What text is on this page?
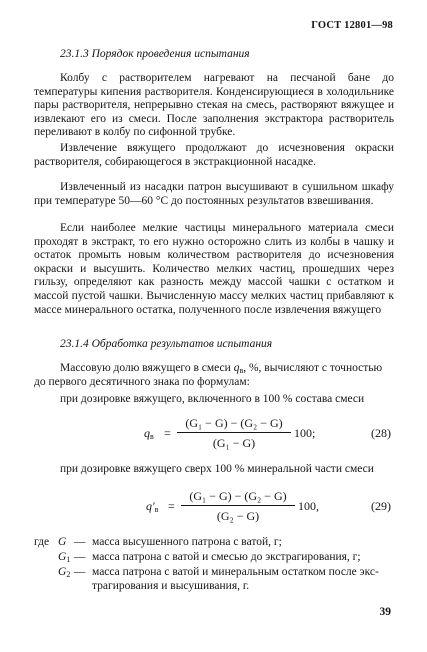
ГОСТ 12801—98
23.1.3 Порядок проведения испытания

Колбу с растворителем нагревают на песчаной бане до температуры кипения растворителя. Конденсирующиеся в холодильнике пары растворителя, непрерывно стекая на смесь, растворяют вяжущее и извлекают его из смеси. После заполнения экстрактора растворитель переливают в колбу по сифонной трубке.

Извлечение вяжущего продолжают до исчезновения окраски растворителя, собирающегося в экстракционной насадке.

Извлеченный из насадки патрон высушивают в сушильном шкафу при температуре 50—60 °С до постоянных результатов взвешивания.

Если наиболее мелкие частицы минерального материала смеси проходят в экстракт, то его нужно осторожно слить из колбы в чашку и остаток промыть новым количеством растворителя до исчезновения окраски и высушить. Количество мелких частиц, прошедших через гильзу, определяют как разность между массой чашки с остатком и массой пустой чашки. Вычисленную массу мелких частиц прибавляют к массе минерального остатка, полученного после извлечения вяжущего

23.1.4 Обработка результатов испытания
Массовую долю вяжущего в смеси $q_в$, %, вычисляют с точностью
до первого десятичного знака по формулам:
при дозировке вяжущего, включенного в 100 % состава смеси
$q_в$ =
(G₁ − G) − (G₂ − G)
(G₁ − G)
100;	(28)
при дозировке вяжущего сверх 100 % минеральной части смеси
$q'_в$ =
(G₁ − G) − (G₂ − G)
(G₂ − G)
100,	(29)
где G — масса высушенного патрона с ватой, г;
$G_1$ — масса патрона с ватой и смесью до экстрагирования, г;
$G_2$ — масса патрона с ватой и минеральным остатком после экс-
трагирования и высушивания, г.
39
